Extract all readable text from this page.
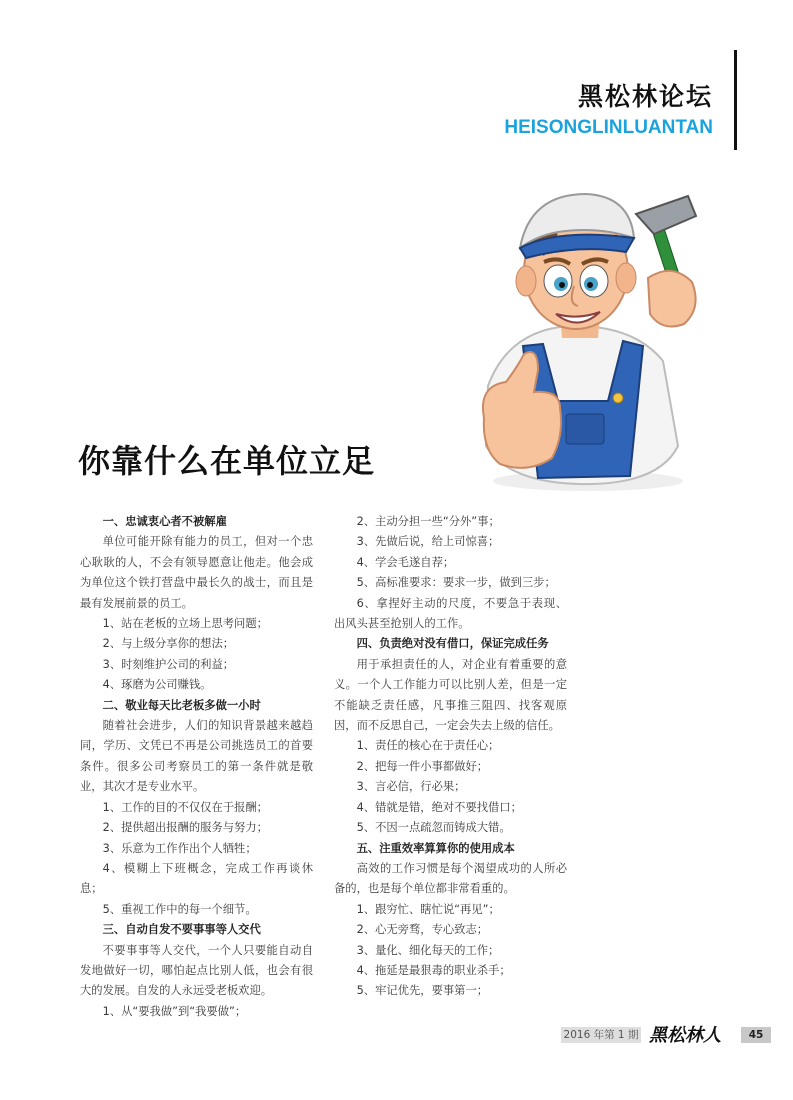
黑松林论坛
HEISONGLINLUANTAN
你靠什么在单位立足

一、忠诚衷心者不被解雇

单位可能开除有能力的员工，但对一个忠心耿耿的人，不会有领导愿意让他走。他会成为单位这个铁打营盘中最长久的战士，而且是最有发展前景的员工。

1、站在老板的立场上思考问题；

2、与上级分享你的想法；

3、时刻维护公司的利益；

4、琢磨为公司赚钱。

二、敬业每天比老板多做一小时

随着社会进步，人们的知识背景越来越趋同，学历、文凭已不再是公司挑选员工的首要条件。很多公司考察员工的第一条件就是敬业，其次才是专业水平。

1、工作的目的不仅仅在于报酬；

2、提供超出报酬的服务与努力；

3、乐意为工作作出个人牺牲；

4、模糊上下班概念，完成工作再谈休息；

5、重视工作中的每一个细节。

三、自动自发不要事事等人交代

不要事事等人交代，一个人只要能自动自发地做好一切，哪怕起点比别人低，也会有很大的发展。自发的人永远受老板欢迎。

1、从“要我做”到“我要做”；

2、主动分担一些“分外”事；

3、先做后说，给上司惊喜；

4、学会毛遂自荐；

5、高标准要求：要求一步，做到三步；

6、拿捏好主动的尺度，不要急于表现、出风头甚至抢别人的工作。

四、负责绝对没有借口，保证完成任务

用于承担责任的人，对企业有着重要的意义。一个人工作能力可以比别人差，但是一定不能缺乏责任感，凡事推三阻四、找客观原因，而不反思自己，一定会失去上级的信任。

1、责任的核心在于责任心；

2、把每一件小事都做好；

3、言必信，行必果；

4、错就是错，绝对不要找借口；

5、不因一点疏忽而铸成大错。

五、注重效率算算你的使用成本

高效的工作习惯是每个渴望成功的人所必备的，也是每个单位都非常看重的。

1、跟穷忙、瞎忙说“再见”；

2、心无旁骛，专心致志；

3、量化、细化每天的工作；

4、拖延是最狠毒的职业杀手；

5、牢记优先，要事第一；

2016 年第 1 期 黑松林人	45
